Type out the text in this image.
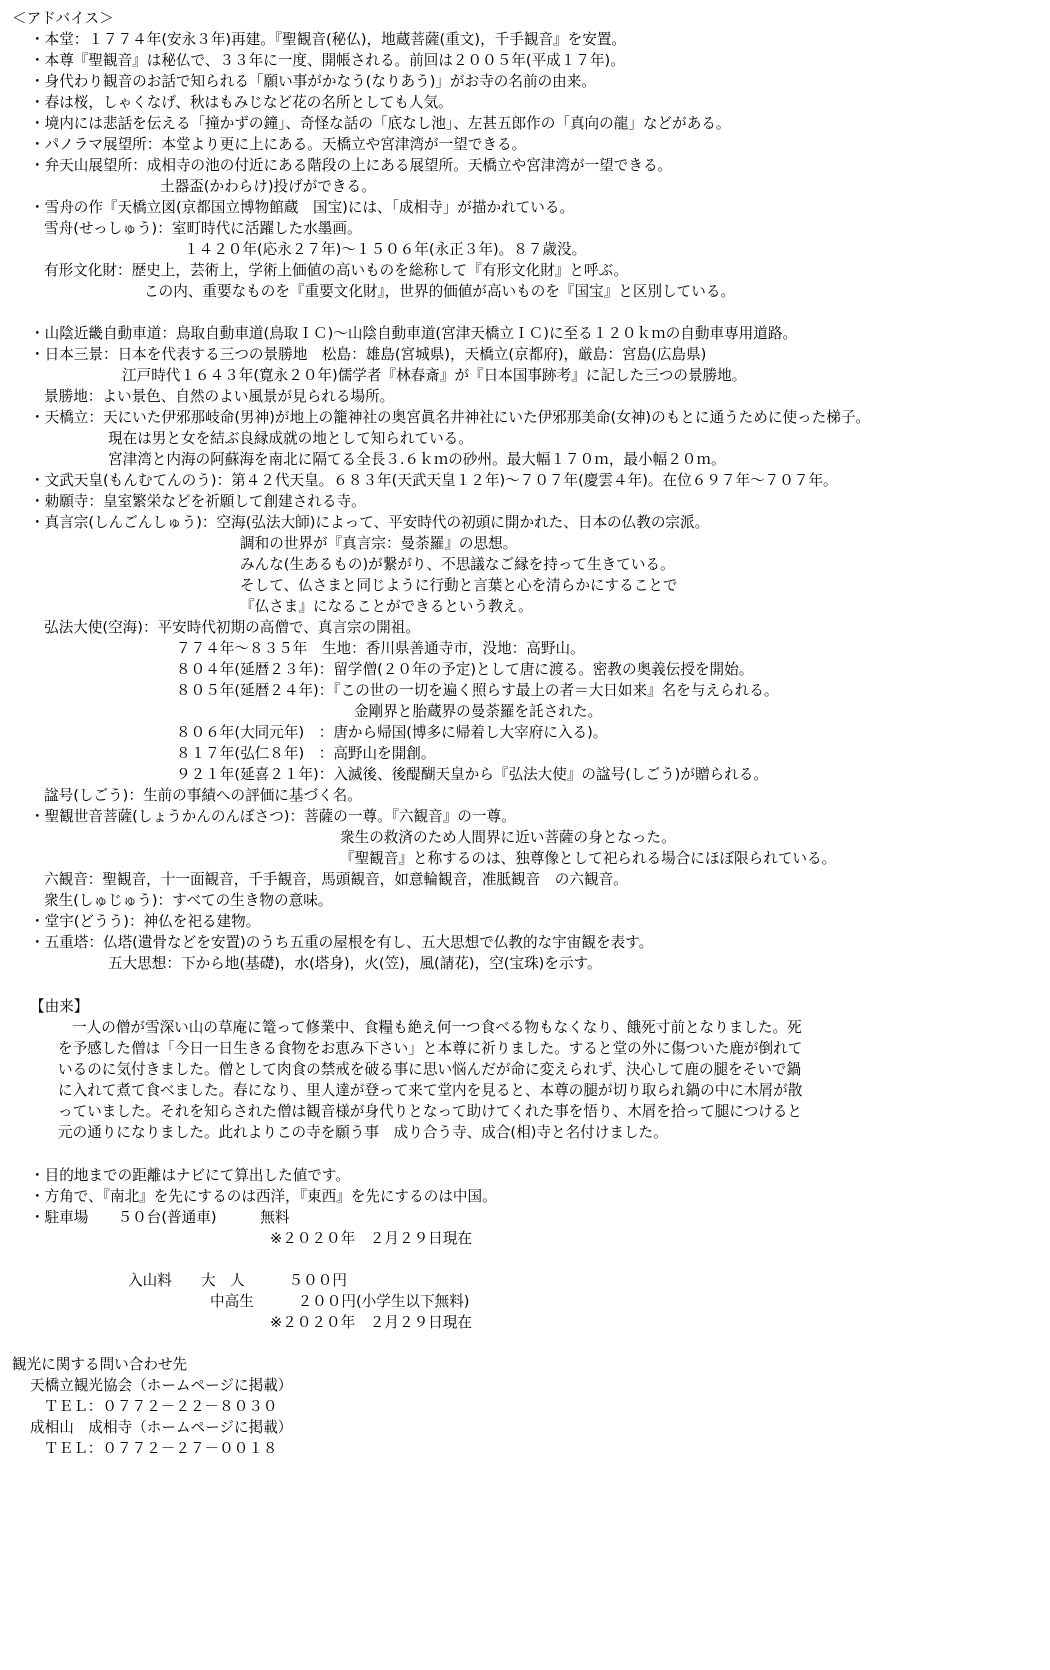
＜アドバイス＞
・本堂：１７７４年(安永３年)再建。『聖観音(秘仏)，地蔵菩薩(重文)，千手観音』を安置。
・本尊『聖観音』は秘仏で、３３年に一度、開帳される。前回は２００５年(平成１７年)。
・身代わり観音のお話で知られる「願い事がかなう(なりあう)」がお寺の名前の由来。
・春は桜，しゃくなげ、秋はもみじなど花の名所としても人気。
・境内には悲話を伝える「撞かずの鐘」、奇怪な話の「底なし池」、左甚五郎作の「真向の龍」などがある。
・パノラマ展望所：本堂より更に上にある。天橋立や宮津湾が一望できる。
・弁天山展望所：成相寺の池の付近にある階段の上にある展望所。天橋立や宮津湾が一望できる。
土器盃(かわらけ)投げができる。
・雪舟の作『天橋立図(京都国立博物館蔵　国宝)には、「成相寺」が描かれている。
雪舟(せっしゅう)：室町時代に活躍した水墨画。
１４２０年(応永２７年)～１５０６年(永正３年)。８７歳没。
有形文化財：歴史上，芸術上，学術上価値の高いものを総称して『有形文化財』と呼ぶ。
この内、重要なものを『重要文化財』，世界的価値が高いものを『国宝』と区別している。
・山陰近畿自動車道：鳥取自動車道(鳥取ＩＣ)～山陰自動車道(宮津天橋立ＩＣ)に至る１２０ｋｍの自動車専用道路。
・日本三景：日本を代表する三つの景勝地　松島：雄島(宮城県)，天橋立(京都府)，厳島：宮島(広島県)
江戸時代１６４３年(寛永２０年)儒学者『林春斎』が『日本国事跡考』に記した三つの景勝地。
景勝地：よい景色、自然のよい風景が見られる場所。
・天橋立：天にいた伊邪那岐命(男神)が地上の籠神社の奥宮眞名井神社にいた伊邪那美命(女神)のもとに通うために使った梯子。
現在は男と女を結ぶ良縁成就の地として知られている。
宮津湾と内海の阿蘇海を南北に隔てる全長３.６ｋｍの砂州。最大幅１７０ｍ，最小幅２０ｍ。
・文武天皇(もんむてんのう)：第４２代天皇。６８３年(天武天皇１２年)～７０７年(慶雲４年)。在位６９７年～７０７年。
・勅願寺：皇室繁栄などを祈願して創建される寺。
・真言宗(しんごんしゅう)：空海(弘法大師)によって、平安時代の初頭に開かれた、日本の仏教の宗派。
調和の世界が『真言宗：曼荼羅』の思想。
みんな(生あるもの)が繋がり、不思議なご縁を持って生きている。
そして、仏さまと同じように行動と言葉と心を清らかにすることで
『仏さま』になることができるという教え。
弘法大使(空海)：平安時代初期の高僧で、真言宗の開祖。
７７４年～８３５年　生地：香川県善通寺市，没地：高野山。
８０４年(延暦２３年)：留学僧(２０年の予定)として唐に渡る。密教の奥義伝授を開始。
８０５年(延暦２４年)：『この世の一切を遍く照らす最上の者＝大日如来』名を与えられる。
金剛界と胎蔵界の曼荼羅を託された。
８０６年(大同元年)　：唐から帰国(博多に帰着し大宰府に入る)。
８１７年(弘仁８年)　：高野山を開創。
９２１年(延喜２１年)：入滅後、後醍醐天皇から『弘法大使』の諡号(しごう)が贈られる。
諡号(しごう)：生前の事績への評価に基づく名。
・聖観世音菩薩(しょうかんのんぼさつ)：菩薩の一尊。『六観音』の一尊。
衆生の救済のため人間界に近い菩薩の身となった。
『聖観音』と称するのは、独尊像として祀られる場合にほぼ限られている。
六観音：聖観音，十一面観音，千手観音，馬頭観音，如意輪観音，准胝観音　の六観音。
衆生(しゅじゅう)：すべての生き物の意味。
・堂宇(どうう)：神仏を祀る建物。
・五重塔：仏塔(遺骨などを安置)のうち五重の屋根を有し、五大思想で仏教的な宇宙観を表す。
五大思想：下から地(基礎)，水(塔身)，火(笠)，風(請花)，空(宝珠)を示す。
【由来】
一人の僧が雪深い山の草庵に篭って修業中、食糧も絶え何一つ食べる物もなくなり、餓死寸前となりました。死
を予感した僧は「今日一日生きる食物をお恵み下さい」と本尊に祈りました。すると堂の外に傷ついた鹿が倒れて
いるのに気付きました。僧として肉食の禁戒を破る事に思い悩んだが命に変えられず、決心して鹿の腿をそいで鍋
に入れて煮て食べました。春になり、里人達が登って来て堂内を見ると、本尊の腿が切り取られ鍋の中に木屑が散
っていました。それを知らされた僧は観音様が身代りとなって助けてくれた事を悟り、木屑を拾って腿につけると
元の通りになりました。此れよりこの寺を願う事　成り合う寺、成合(相)寺と名付けました。
・目的地までの距離はナビにて算出した値です。
・方角で、『南北』を先にするのは西洋，『東西』を先にするのは中国。
・駐車場　　５０台(普通車)　　　無料
※２０２０年　２月２９日現在
入山料　　大　人　　　５００円
中高生　　　２００円(小学生以下無料)
※２０２０年　２月２９日現在
観光に関する問い合わせ先
天橋立観光協会（ホームページに掲載）
ＴＥＬ：０７７２－２２－８０３０
成相山　成相寺（ホームページに掲載）
ＴＥＬ：０７７２－２７－００１８
